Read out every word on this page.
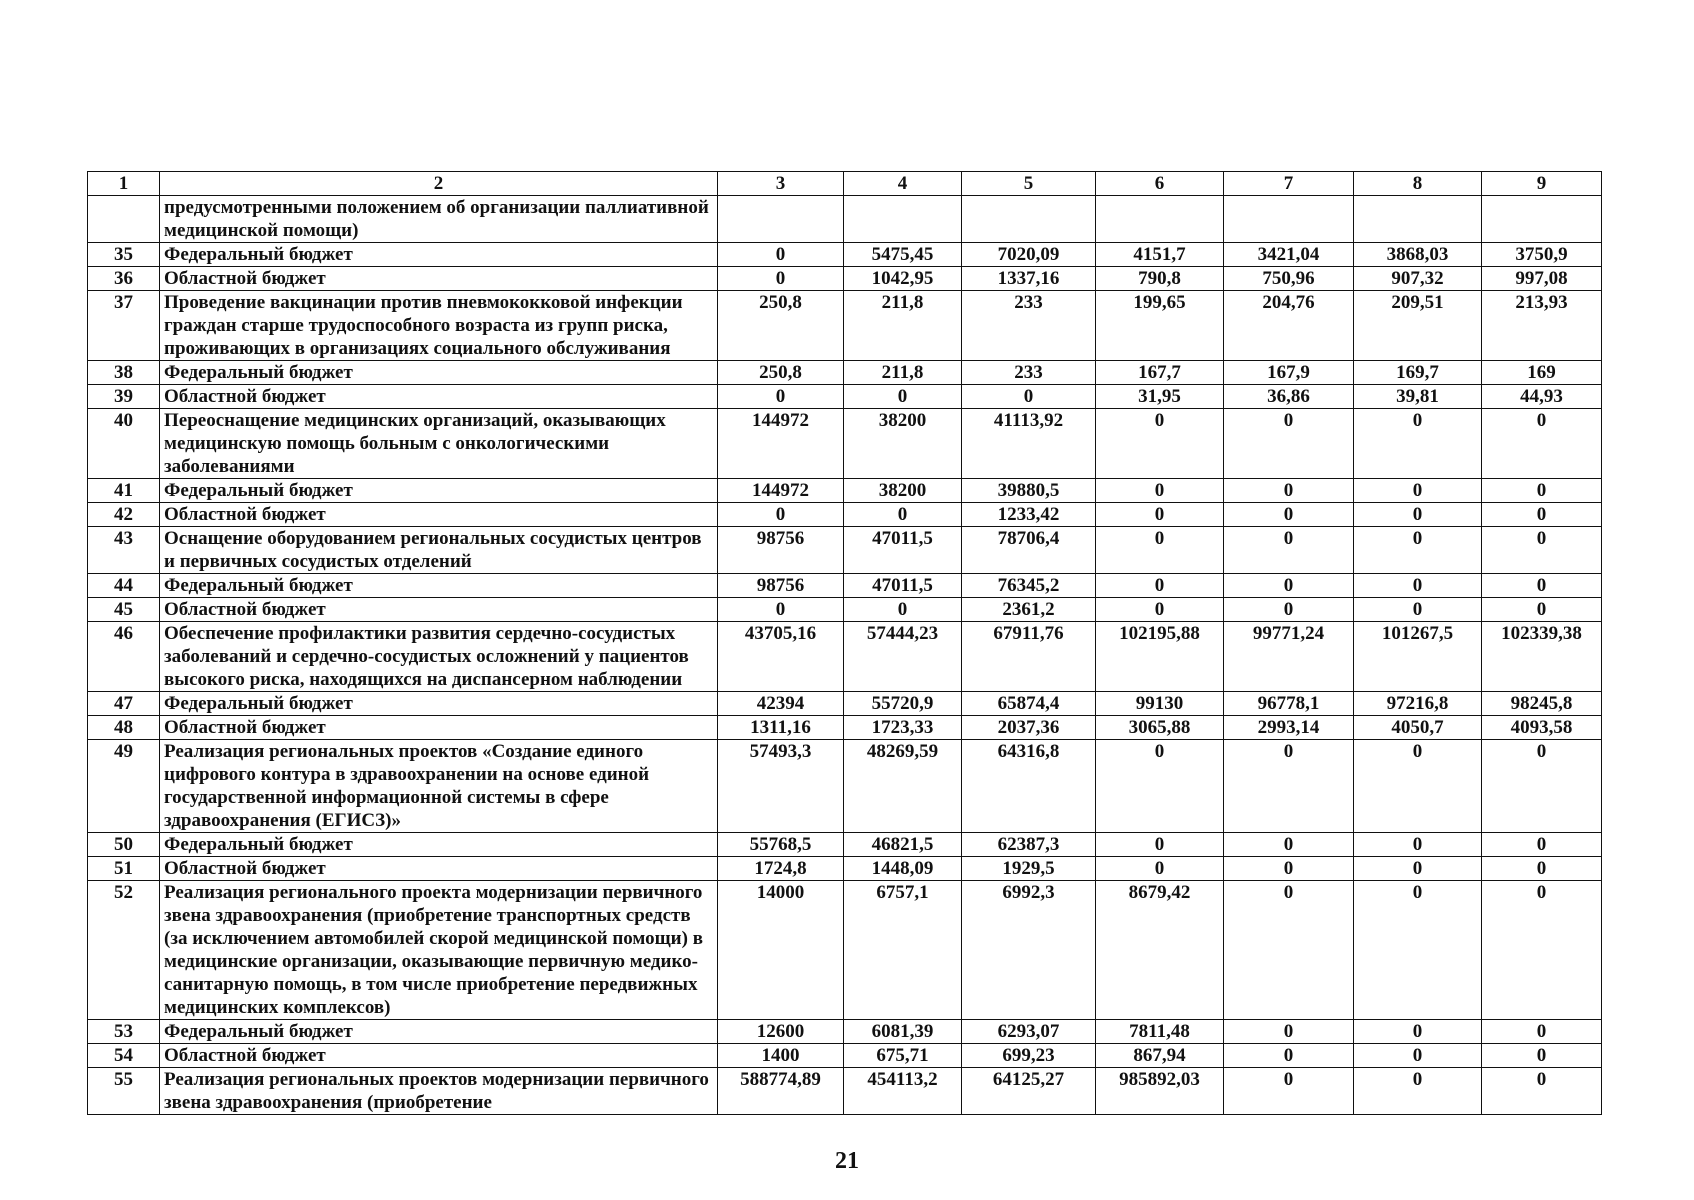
1	2	3	4	5	6	7	8	9
	предусмотренными положением об организации паллиативной медицинской помощи)							
35	Федеральный бюджет	0	5475,45	7020,09	4151,7	3421,04	3868,03	3750,9
36	Областной бюджет	0	1042,95	1337,16	790,8	750,96	907,32	997,08
37	Проведение вакцинации против пневмококковой инфекции граждан старше трудоспособного возраста из групп риска, проживающих в организациях социального обслуживания	250,8	211,8	233	199,65	204,76	209,51	213,93
38	Федеральный бюджет	250,8	211,8	233	167,7	167,9	169,7	169
39	Областной бюджет	0	0	0	31,95	36,86	39,81	44,93
40	Переоснащение медицинских организаций, оказывающих медицинскую помощь больным с онкологическими заболеваниями	144972	38200	41113,92	0	0	0	0
41	Федеральный бюджет	144972	38200	39880,5	0	0	0	0
42	Областной бюджет	0	0	1233,42	0	0	0	0
43	Оснащение оборудованием региональных сосудистых центров и первичных сосудистых отделений	98756	47011,5	78706,4	0	0	0	0
44	Федеральный бюджет	98756	47011,5	76345,2	0	0	0	0
45	Областной бюджет	0	0	2361,2	0	0	0	0
46	Обеспечение профилактики развития сердечно-сосудистых заболеваний и сердечно-сосудистых осложнений у пациентов высокого риска, находящихся на диспансерном наблюдении	43705,16	57444,23	67911,76	102195,88	99771,24	101267,5	102339,38
47	Федеральный бюджет	42394	55720,9	65874,4	99130	96778,1	97216,8	98245,8
48	Областной бюджет	1311,16	1723,33	2037,36	3065,88	2993,14	4050,7	4093,58
49	Реализация региональных проектов «Создание единого цифрового контура в здравоохранении на основе единой государственной информационной системы в сфере здравоохранения (ЕГИСЗ)»	57493,3	48269,59	64316,8	0	0	0	0
50	Федеральный бюджет	55768,5	46821,5	62387,3	0	0	0	0
51	Областной бюджет	1724,8	1448,09	1929,5	0	0	0	0
52	Реализация регионального проекта модернизации первичного звена здравоохранения (приобретение транспортных средств (за исключением автомобилей скорой медицинской помощи) в медицинские организации, оказывающие первичную медико-санитарную помощь, в том числе приобретение передвижных медицинских комплексов)	14000	6757,1	6992,3	8679,42	0	0	0
53	Федеральный бюджет	12600	6081,39	6293,07	7811,48	0	0	0
54	Областной бюджет	1400	675,71	699,23	867,94	0	0	0
55	Реализация региональных проектов модернизации первичного звена здравоохранения (приобретение	588774,89	454113,2	64125,27	985892,03	0	0	0
21
